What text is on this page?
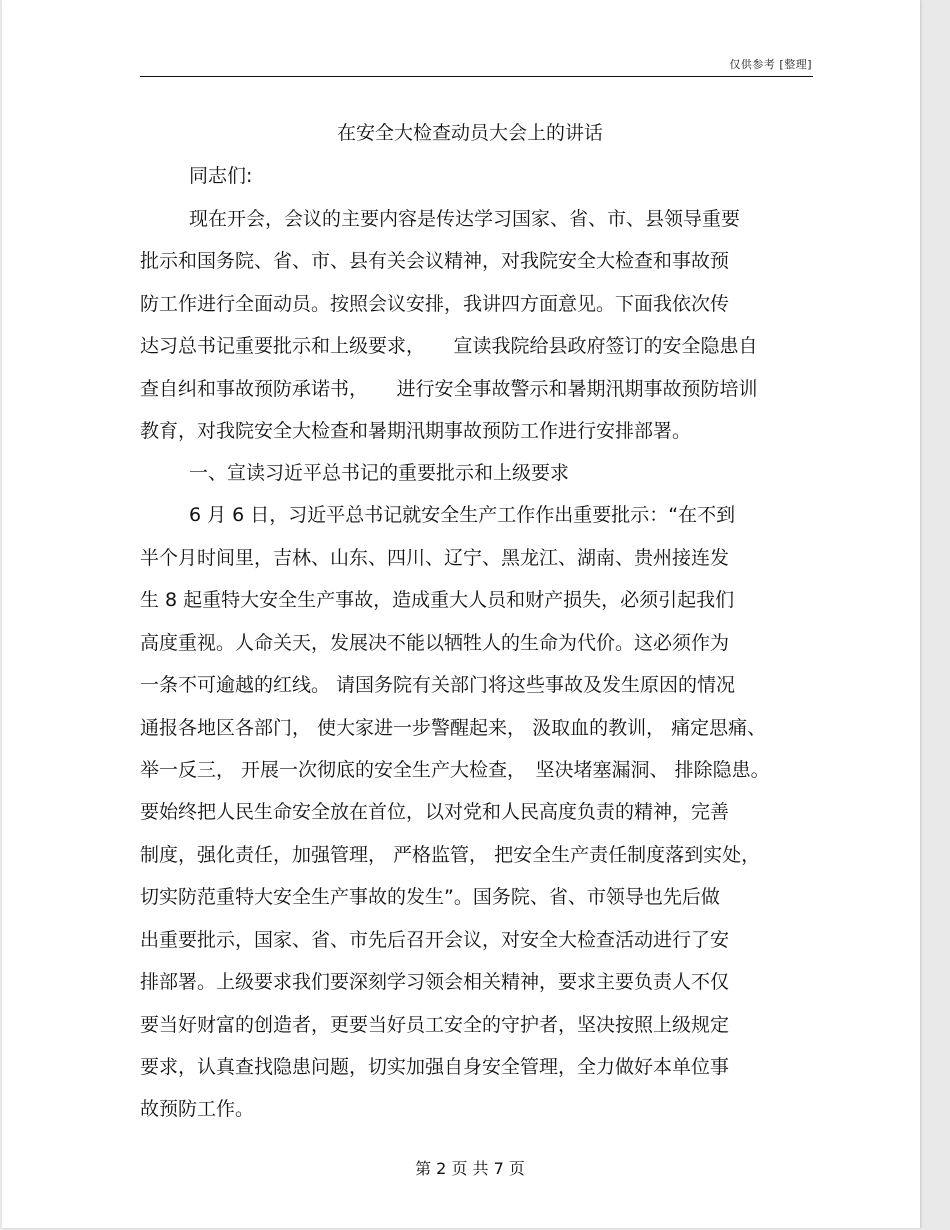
仅供参考 [整理]
在安全大检查动员大会上的讲话
同志们:
现在开会，会议的主要内容是传达学习国家、省、市、县领导重要
批示和国务院、省、市、县有关会议精神，对我院安全大检查和事故预
防工作进行全面动员。按照会议安排，我讲四方面意见。下面我依次传
达习总书记重要批示和上级要求，　　宣读我院给县政府签订的安全隐患自
查自纠和事故预防承诺书，　　进行安全事故警示和暑期汛期事故预防培训
教育，对我院安全大检查和暑期汛期事故预防工作进行安排部署。
一、宣读习近平总书记的重要批示和上级要求
6 月 6 日，习近平总书记就安全生产工作作出重要批示：“在不到
半个月时间里，吉林、山东、四川、辽宁、黑龙江、湖南、贵州接连发
生 8 起重特大安全生产事故，造成重大人员和财产损失，必须引起我们
高度重视。人命关天，发展决不能以牺牲人的生命为代价。这必须作为
一条不可逾越的红线。 请国务院有关部门将这些事故及发生原因的情况
通报各地区各部门， 使大家进一步警醒起来， 汲取血的教训， 痛定思痛、
举一反三， 开展一次彻底的安全生产大检查，　坚决堵塞漏洞、 排除隐患。
要始终把人民生命安全放在首位，以对党和人民高度负责的精神，完善
制度，强化责任，加强管理， 严格监管， 把安全生产责任制度落到实处，
切实防范重特大安全生产事故的发生”。国务院、省、市领导也先后做
出重要批示，国家、省、市先后召开会议，对安全大检查活动进行了安
排部署。上级要求我们要深刻学习领会相关精神，要求主要负责人不仅
要当好财富的创造者，更要当好员工安全的守护者，坚决按照上级规定
要求，认真查找隐患问题，切实加强自身安全管理，全力做好本单位事
故预防工作。
第 2 页 共 7 页
